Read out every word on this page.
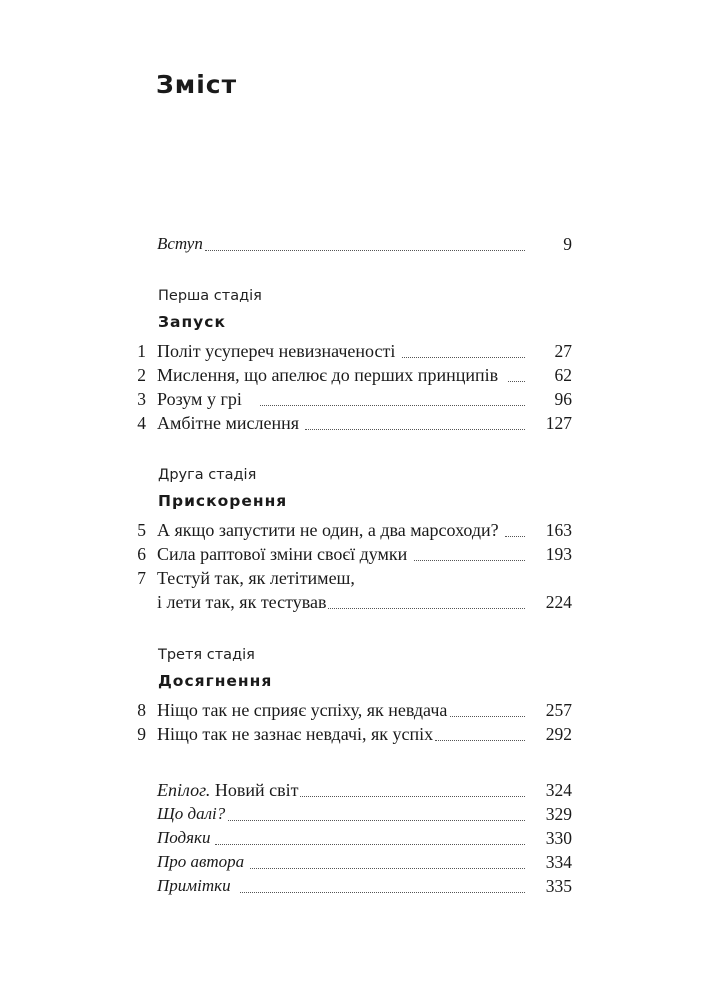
Зміст
Вступ	9
Перша стадія
Запуск
1 Політ усупереч невизначеності	27
2 Мислення, що апелює до перших принципів	62
3 Розум у грі	96
4 Амбітне мислення	127
Друга стадія
Прискорення
5 А якщо запустити не один, а два марсоходи?	163
6 Сила раптової зміни своєї думки	193
7 Тестуй так, як летітимеш,
і лети так, як тестував	224
Третя стадія
Досягнення
8 Ніщо так не сприяє успіху, як невдача	257
9 Ніщо так не зазнає невдачі, як успіх	292
Епілог. Новий світ	324
Що далі?	329
Подяки	330
Про автора	334
Примітки	335
